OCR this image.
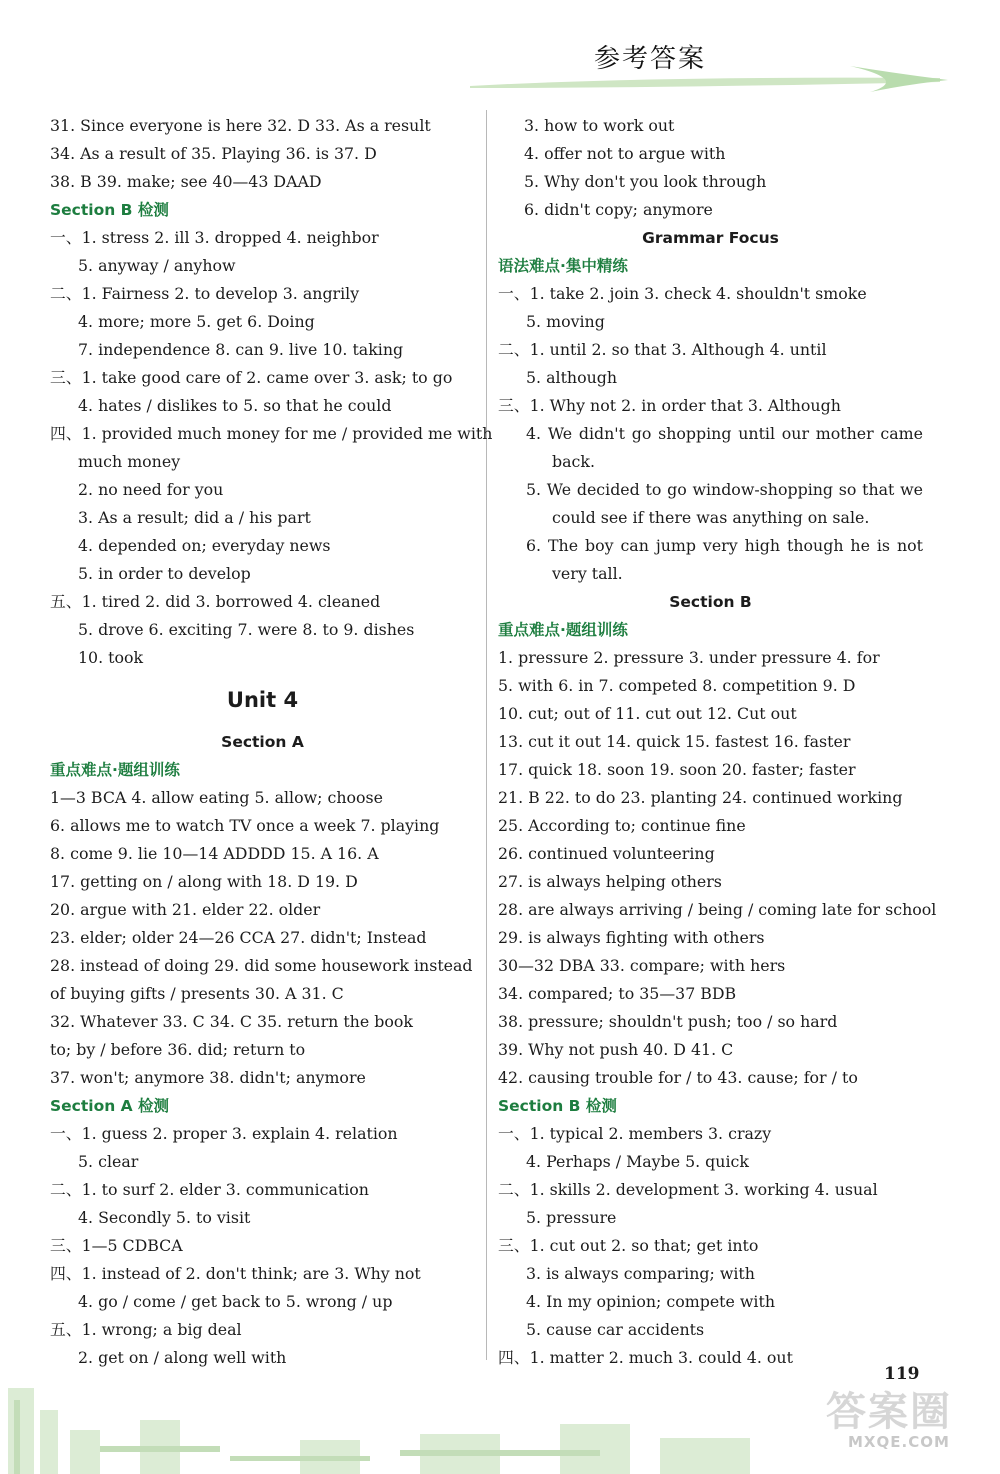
参考答案
31. Since everyone is here 32. D 33. As a result
34. As a result of 35. Playing 36. is 37. D
38. B 39. make; see 40—43 DAAD
Section B 检测
一、1. stress 2. ill 3. dropped 4. neighbor
5. anyway / anyhow
二、1. Fairness 2. to develop 3. angrily
4. more; more 5. get 6. Doing
7. independence 8. can 9. live 10. taking
三、1. take good care of 2. came over 3. ask; to go
4. hates / dislikes to 5. so that he could
四、1. provided much money for me / provided me with
much money
2. no need for you
3. As a result; did a / his part
4. depended on; everyday news
5. in order to develop
五、1. tired 2. did 3. borrowed 4. cleaned
5. drove 6. exciting 7. were 8. to 9. dishes
10. took
Unit 4
Section A
重点难点·题组训练
1—3 BCA 4. allow eating 5. allow; choose
6. allows me to watch TV once a week 7. playing
8. come 9. lie 10—14 ADDDD 15. A 16. A
17. getting on / along with 18. D 19. D
20. argue with 21. elder 22. older
23. elder; older 24—26 CCA 27. didn't; Instead
28. instead of doing 29. did some housework instead
of buying gifts / presents 30. A 31. C
32. Whatever 33. C 34. C 35. return the book
to; by / before 36. did; return to
37. won't; anymore 38. didn't; anymore
Section A 检测
一、1. guess 2. proper 3. explain 4. relation
5. clear
二、1. to surf 2. elder 3. communication
4. Secondly 5. to visit
三、1—5 CDBCA
四、1. instead of 2. don't think; are 3. Why not
4. go / come / get back to 5. wrong / up
五、1. wrong; a big deal
2. get on / along well with
3. how to work out
4. offer not to argue with
5. Why don't you look through
6. didn't copy; anymore
Grammar Focus
语法难点·集中精练
一、1. take 2. join 3. check 4. shouldn't smoke
5. moving
二、1. until 2. so that 3. Although 4. until
5. although
三、1. Why not 2. in order that 3. Although
4. We didn't go shopping until our mother came
back.
5. We decided to go window-shopping so that we
could see if there was anything on sale.
6. The boy can jump very high though he is not
very tall.
Section B
重点难点·题组训练
1. pressure 2. pressure 3. under pressure 4. for
5. with 6. in 7. competed 8. competition 9. D
10. cut; out of 11. cut out 12. Cut out
13. cut it out 14. quick 15. fastest 16. faster
17. quick 18. soon 19. soon 20. faster; faster
21. B 22. to do 23. planting 24. continued working
25. According to; continue fine
26. continued volunteering
27. is always helping others
28. are always arriving / being / coming late for school
29. is always fighting with others
30—32 DBA 33. compare; with hers
34. compared; to 35—37 BDB
38. pressure; shouldn't push; too / so hard
39. Why not push 40. D 41. C
42. causing trouble for / to 43. cause; for / to
Section B 检测
一、1. typical 2. members 3. crazy
4. Perhaps / Maybe 5. quick
二、1. skills 2. development 3. working 4. usual
5. pressure
三、1. cut out 2. so that; get into
3. is always comparing; with
4. In my opinion; compete with
5. cause car accidents
四、1. matter 2. much 3. could 4. out
119
答案圈
MXQE.COM
